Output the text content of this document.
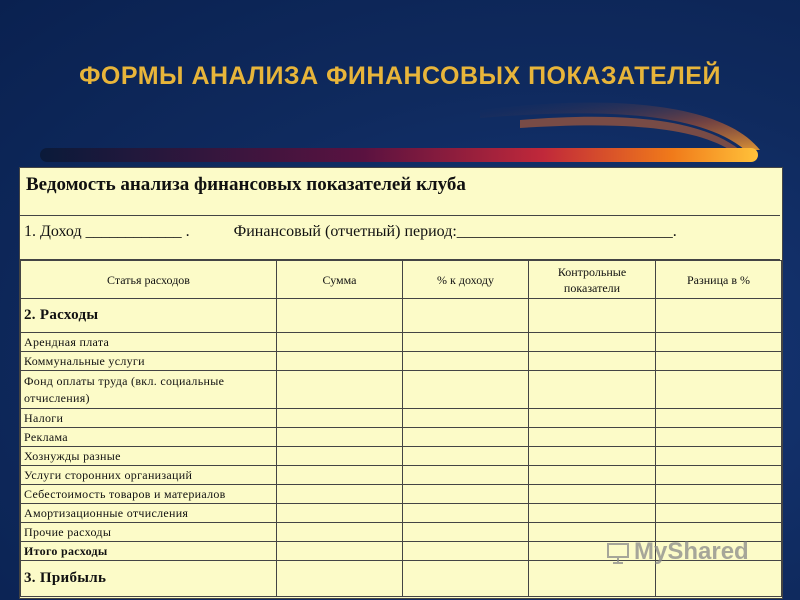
ФОРМЫ АНАЛИЗА ФИНАНСОВЫХ ПОКАЗАТЕЛЕЙ
Ведомость анализа финансовых показателей клуба
1. Доход ____________ .	Финансовый (отчетный) период:___________________________.
Статья расходов	Сумма	% к доходу	Контрольные показатели	Разница в %
2. Расходы				
Арендная плата				
Коммунальные услуги				
Фонд оплаты труда (вкл. социальные отчисления)				
Налоги				
Реклама				
Хознужды разные				
Услуги сторонних организаций				
Себестоимость товаров и материалов				
Амортизационные отчисления				
Прочие расходы				
Итого расходы				
3. Прибыль				
MyShared
